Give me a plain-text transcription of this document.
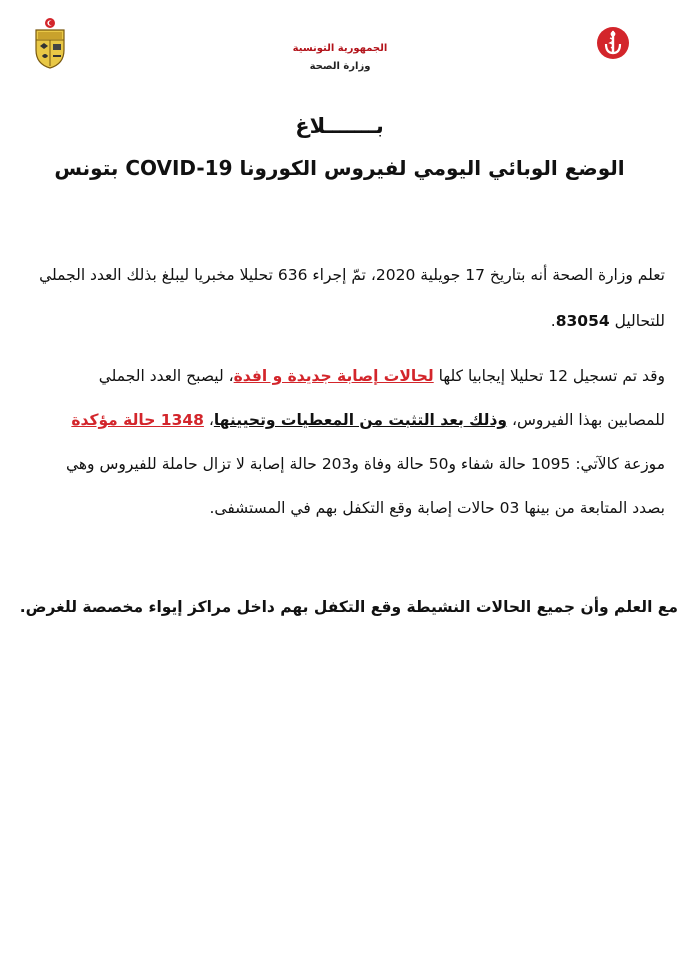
الجمهورية التونسية
وزارة الصحة
بـــــــلاغ
الوضع الوبائي اليومي لفيروس الكورونا COVID-19 بتونس
تعلم وزارة الصحة أنه بتاريخ 17 جويلية 2020، تمّ إجراء 636 تحليلا مخبريا ليبلغ بذلك العدد الجملي للتحاليل 83054.
وقد تم تسجيل 12 تحليلا إيجابيا كلها لحالات إصابة جديدة و افدة، ليصبح العدد الجملي للمصابين بهذا الفيروس، وذلك بعد التثبت من المعطيات وتحيينها، 1348 حالة مؤكدة موزعة كالآتي: 1095 حالة شفاء و50 حالة وفاة و203 حالة إصابة لا تزال حاملة للفيروس وهي بصدد المتابعة من بينها 03 حالات إصابة وقع التكفل بهم في المستشفى.
مع العلم وأن جميع الحالات النشيطة وقع التكفل بهم داخل مراكز إيواء مخصصة للغرض.
